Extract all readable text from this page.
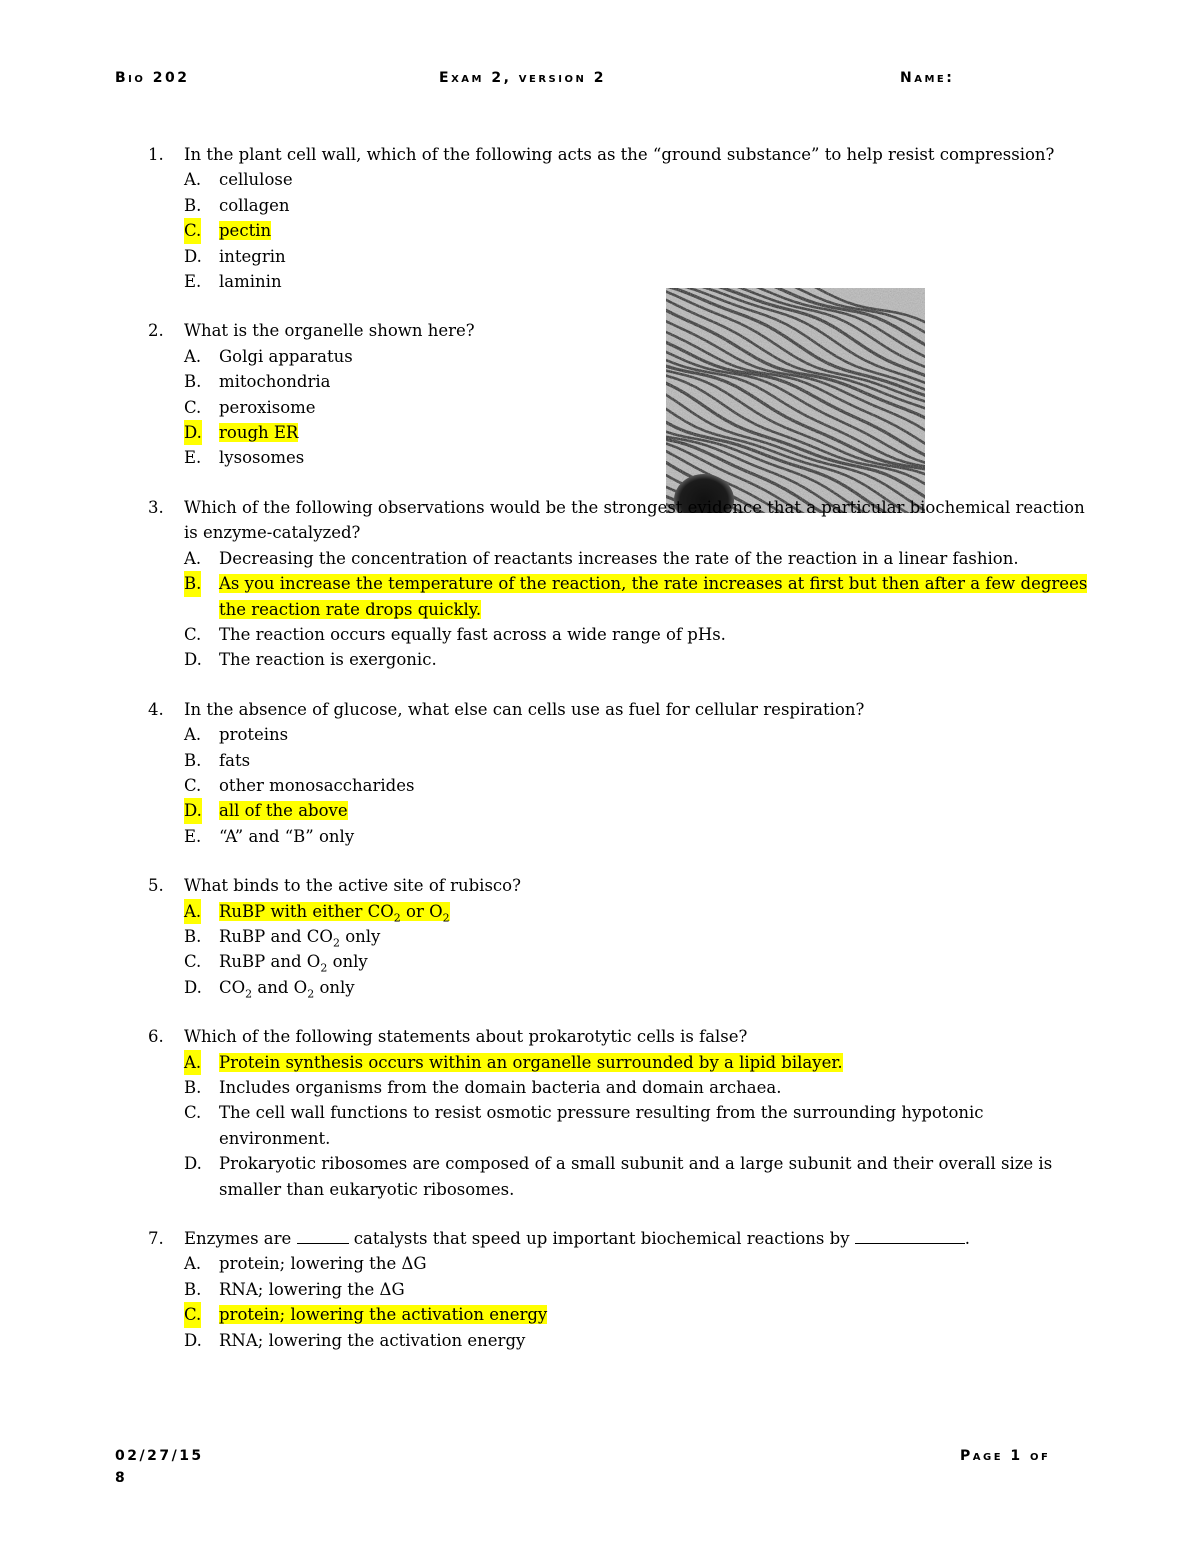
Bio 202	Exam 2, version 2	Name:
1. In the plant cell wall, which of the following acts as the “ground substance” to help resist compression?
A. cellulose
B. collagen
C. pectin
D. integrin
E. laminin
2. What is the organelle shown here?
A. Golgi apparatus
B. mitochondria
C. peroxisome
D. rough ER
E. lysosomes
3. Which of the following observations would be the strongest evidence that a particular biochemical reaction is enzyme-catalyzed?
A. Decreasing the concentration of reactants increases the rate of the reaction in a linear fashion.
B. As you increase the temperature of the reaction, the rate increases at first but then after a few degrees the reaction rate drops quickly.
C. The reaction occurs equally fast across a wide range of pHs.
D. The reaction is exergonic.
4. In the absence of glucose, what else can cells use as fuel for cellular respiration?
A. proteins
B. fats
C. other monosaccharides
D. all of the above
E. “A” and “B” only
5. What binds to the active site of rubisco?
A. RuBP with either $CO_2$ or $O_2$
B. RuBP and $CO_2$ only
C. RuBP and $O_2$ only
D. $CO_2$ and $O_2$ only
6. Which of the following statements about prokarotytic cells is false?
A. Protein synthesis occurs within an organelle surrounded by a lipid bilayer.
B. Includes organisms from the domain bacteria and domain archaea.
C. The cell wall functions to resist osmotic pressure resulting from the surrounding hypotonic environment.
D. Prokaryotic ribosomes are composed of a small subunit and a large subunit and their overall size is smaller than eukaryotic ribosomes.
7. Enzymes are	catalysts that speed up important biochemical reactions by	.
A. protein; lowering the ΔG
B. RNA; lowering the ΔG
C. protein; lowering the activation energy
D. RNA; lowering the activation energy
02/27/15
8
Page 1 of
